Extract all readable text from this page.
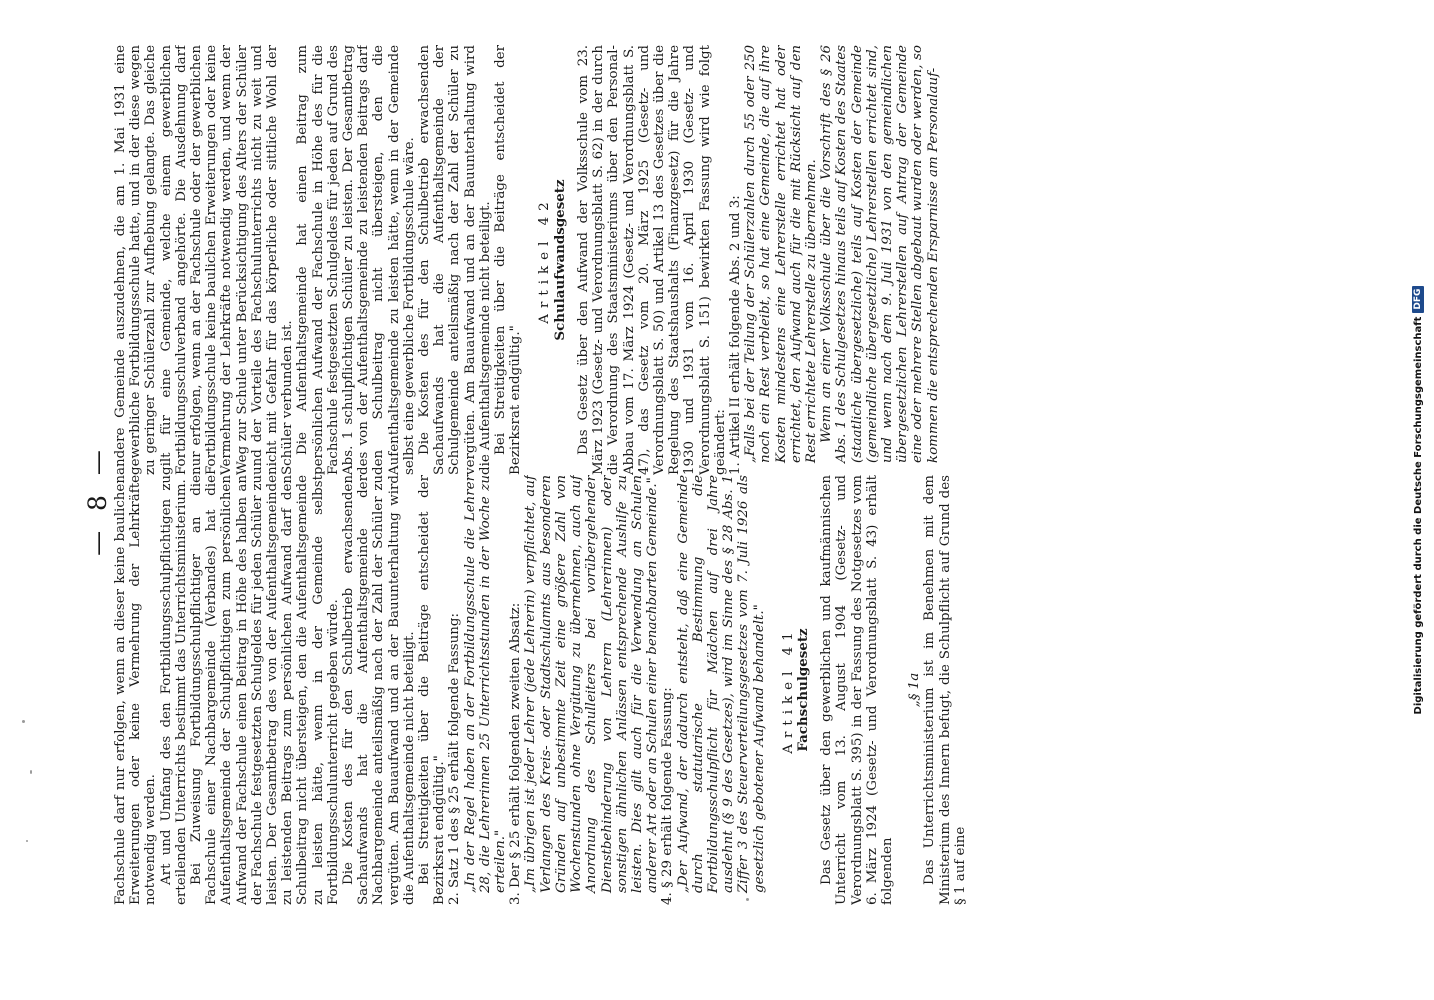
— 8 — Fachschule darf nur erfolgen, wenn an dieser keine baulichen Erweiterungen oder keine Vermehrung der Lehrkräfte notwendig werden. Art und Umfang des den Fortbildungsschulpflichtigen zu erteilenden Unterrichts bestimmt das Unterrichtsministerium. Bei Zuweisung Fortbildungsschulpflichtiger an die Fachschule einer Nachbargemeinde (Verbandes) hat die Aufenthaltsgemeinde der Schulpflichtigen zum persönlichen Aufwand der Fachschule einen Beitrag in Höhe des halben an der Fachschule festgesetzten Schulgeldes für jeden Schüler zu leisten. Der Gesamtbetrag des von der Aufenthaltsgemeinde zu leistenden Beitrags zum persönlichen Aufwand darf den Schulbeitrag nicht übersteigen, den die Aufenthaltsgemeinde zu leisten hätte, wenn in der Gemeinde selbst Fortbildungsschulunterricht gegeben würde. Die Kosten des für den Schulbetrieb erwachsenden Sachaufwands hat die Aufenthaltsgemeinde der Nachbargemeinde anteilsmäßig nach der Zahl der Schüler zu vergüten. Am Bauaufwand und an der Bauunterhaltung wird die Aufenthaltsgemeinde nicht beteiligt. Bei Streitigkeiten über die Beiträge entscheidet der Bezirksrat endgültig." 2. Satz 1 des § 25 erhält folgende Fassung: „In der Regel haben an der Fortbildungsschule die Lehrer 28, die Lehrerinnen 25 Unterrichtsstunden in der Woche zu erteilen." 3. Der § 25 erhält folgenden zweiten Absatz: „Im übrigen ist jeder Lehrer (jede Lehrerin) verpflichtet, auf Verlangen des Kreis- oder Stadtschulamts aus besonderen Gründen auf unbestimmte Zeit eine größere Zahl von Wochenstunden ohne Vergütung zu übernehmen, auch auf Anordnung des Schulleiters bei vorübergehender Dienstbehinderung von Lehrern (Lehrerinnen) oder sonstigen ähnlichen Anlässen entsprechende Aushilfe zu leisten. Dies gilt auch für die Verwendung an Schulen anderer Art oder an Schulen einer benachbarten Gemeinde." 4. § 29 erhält folgende Fassung: „Der Aufwand, der dadurch entsteht, daß eine Gemeinde durch statutarische Bestimmung die Fortbildungsschulpflicht für Mädchen auf drei Jahre ausdehnt (§ 9 des Gesetzes), wird im Sinne des § 28 Abs. 1 Ziffer 3 des Steuerverteilungsgesetzes vom 7. Juli 1926 als gesetzlich gebotener Aufwand behandelt." Artikel 41 Fachschulgesetz Das Gesetz über den gewerblichen und kaufmännischen Unterricht vom 13. August 1904 (Gesetz- und Verordnungsblatt S. 395) in der Fassung des Notgesetzes vom 6. März 1924 (Gesetz- und Verordnungsblatt S. 43) erhält folgenden

„§ 1a Das Unterrichtsministerium ist im Benehmen mit dem Ministerium des Innern befugt, die Schulpflicht auf Grund des § 1 auf eine

andere Gemeinde auszudehnen, die am 1. Mai 1931 eine gewerbliche Fortbildungsschule hatte, und in der diese wegen zu geringer Schülerzahl zur Aufhebung gelangte. Das gleiche gilt für eine Gemeinde, welche einem gewerblichen Fortbildungsschulverband angehörte. Die Ausdehnung darf nur erfolgen, wenn an der Fachschule oder der gewerblichen Fortbildungsschule keine baulichen Erweiterungen oder keine Vermehrung der Lehrkräfte notwendig werden, und wenn der Weg zur Schule unter Berücksichtigung des Alters der Schüler und der Vorteile des Fachschulunterrichts nicht zu weit und nicht mit Gefahr für das körperliche oder sittliche Wohl der Schüler verbunden ist. Die Aufenthaltsgemeinde hat einen Beitrag zum persönlichen Aufwand der Fachschule in Höhe des für die Fachschule festgesetzten Schulgeldes für jeden auf Grund des Abs. 1 schulpflichtigen Schüler zu leisten. Der Gesamtbetrag des von der Aufenthaltsgemeinde zu leistenden Beitrags darf den Schulbeitrag nicht übersteigen, den die Aufenthaltsgemeinde zu leisten hätte, wenn in der Gemeinde selbst eine gewerbliche Fortbildungsschule wäre. Die Kosten des für den Schulbetrieb erwachsenden Sachaufwands hat die Aufenthaltsgemeinde der Schulgemeinde anteilsmäßig nach der Zahl der Schüler zu vergüten. Am Bauaufwand und an der Bauunterhaltung wird die Aufenthaltsgemeinde nicht beteiligt. Bei Streitigkeiten über die Beiträge entscheidet der Bezirksrat endgültig."

Artikel 42 Schulaufwandsgesetz Das Gesetz über den Aufwand der Volksschule vom 23. März 1923 (Gesetz- und Verordnungsblatt S. 62) in der durch die Verordnung des Staatsministeriums über den Personal-Abbau vom 17. März 1924 (Gesetz- und Verordnungsblatt S. 47), das Gesetz vom 20. März 1925 (Gesetz- und Verordnungsblatt S. 50) und Artikel 13 des Gesetzes über die Regelung des Staatshaushalts (Finanzgesetz) für die Jahre 1930 und 1931 vom 16. April 1930 (Gesetz- und Verordnungsblatt S. 151) bewirkten Fassung wird wie folgt geändert: 1. Artikel II erhält folgende Abs. 2 und 3: „Falls bei der Teilung der Schülerzahlen durch 55 oder 250 noch ein Rest verbleibt, so hat eine Gemeinde, die auf ihre Kosten mindestens eine Lehrerstelle errichtet hat oder errichtet, den Aufwand auch für die mit Rücksicht auf den Rest errichtete Lehrerstelle zu übernehmen. Wenn an einer Volksschule über die Vorschrift des § 26 Abs. 1 des Schulgesetzes hinaus teils auf Kosten des Staates (staatliche übergesetzliche) teils auf Kosten der Gemeinde (gemeindliche übergesetzliche) Lehrerstellen errichtet sind, und wenn nach dem 9. Juli 1931 von den gemeindlichen übergesetzlichen Lehrerstellen auf Antrag der Gemeinde eine oder mehrere Stellen abgebaut wurden oder werden, so kommen die entsprechenden Ersparnisse am Personalauf-

Digitalisierung gefördert durch die Deutsche ForschungsgemeinschaftDFG
